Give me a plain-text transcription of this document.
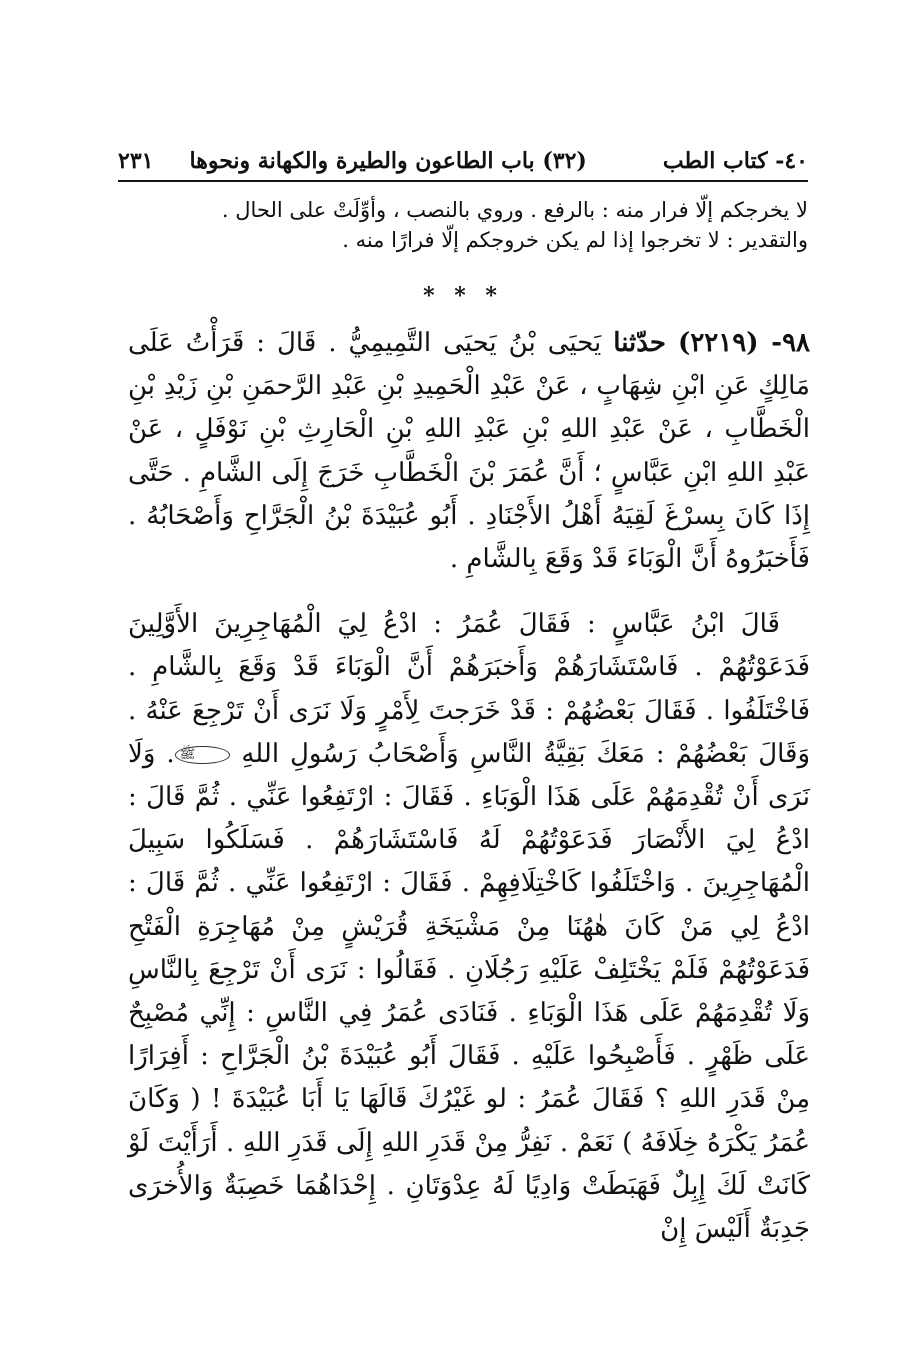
٤٠- كتاب الطب
(٣٢) باب الطاعون والطيرة والكهانة ونحوها
٢٣١

لا يخرجكم إلّا فرار منه : بالرفع . وروي بالنصب ، وأوِّلَتْ على الحال .

والتقدير : لا تخرجوا إذا لم يكن خروجكم إلّا فرارًا منه .

* * *

٩٨- (٢٢١٩) حدّثنا يَحيَى بْنُ يَحيَى التَّمِيمِيُّ . قَالَ : قَرَأْتُ عَلَى مَالِكٍ عَنِ ابْنِ شِهَابٍ ، عَنْ عَبْدِ الْحَمِيدِ بْنِ عَبْدِ الرَّحمَنِ بْنِ زَيْدِ بْنِ الْخَطَّابِ ، عَنْ عَبْدِ اللهِ بْنِ عَبْدِ اللهِ بْنِ الْحَارِثِ بْنِ نَوْفَلٍ ، عَنْ عَبْدِ اللهِ ابْنِ عَبَّاسٍ ؛ أَنَّ عُمَرَ بْنَ الْخَطَّابِ خَرَجَ إِلَى الشَّامِ . حَتَّى إِذَا كَانَ بِسرْغَ لَقِيَهُ أَهْلُ الأَجْنَادِ . أَبُو عُبَيْدَةَ بْنُ الْجَرَّاحِ وَأَصْحَابُهُ . فَأَخبَرُوهُ أَنَّ الْوَبَاءَ قَدْ وَقَعَ بِالشَّامِ .

قَالَ ابْنُ عَبَّاسٍ : فَقَالَ عُمَرُ : ادْعُ لِيَ الْمُهَاجِرِينَ الأَوَّلِينَ فَدَعَوْتُهُمْ . فَاسْتَشَارَهُمْ وَأَخبَرَهُمْ أَنَّ الْوَبَاءَ قَدْ وَقَعَ بِالشَّامِ . فَاخْتَلَفُوا . فَقَالَ بَعْضُهُمْ : قَدْ خَرَجتَ لِأَمْرٍ وَلَا نَرَى أَنْ تَرْجِعَ عَنْهُ . وَقَالَ بَعْضُهُمْ : مَعَكَ بَقِيَّةُ النَّاسِ وَأَصْحَابُ رَسُولِ اللهِ ﷺ. وَلَا نَرَى أَنْ تُقْدِمَهُمْ عَلَى هَذَا الْوَبَاءِ . فَقَالَ : ارْتَفِعُوا عَنِّي . ثُمَّ قَالَ : ادْعُ لِيَ الأَنْصَارَ فَدَعَوْتُهُمْ لَهُ فَاسْتَشَارَهُمْ . فَسَلَكُوا سَبِيلَ الْمُهَاجِرِينَ . وَاخْتَلَفُوا كَاخْتِلَافِهِمْ . فَقَالَ : ارْتَفِعُوا عَنِّي . ثُمَّ قَالَ : ادْعُ لِي مَنْ كَانَ هٰهُنَا مِنْ مَشْيَخَةِ قُرَيْشٍ مِنْ مُهَاجِرَةِ الْفَتْحِ فَدَعَوْتُهُمْ فَلَمْ يَخْتَلِفْ عَلَيْهِ رَجُلَانِ . فَقَالُوا : نَرَى أَنْ تَرْجِعَ بِالنَّاسِ وَلَا تُقْدِمَهُمْ عَلَى هَذَا الْوَبَاءِ . فَنَادَى عُمَرُ فِي النَّاسِ : إِنِّي مُصْبِحٌ عَلَى ظَهْرٍ . فَأَصْبِحُوا عَلَيْهِ . فَقَالَ أَبُو عُبَيْدَةَ بْنُ الْجَرَّاحِ : أَفِرَارًا مِنْ قَدَرِ اللهِ ؟ فَقَالَ عُمَرُ : لو غَيْرُكَ قَالَهَا يَا أَبَا عُبَيْدَةَ ! ( وَكَانَ عُمَرُ يَكْرَهُ خِلَافَهُ ) نَعَمْ . نَفِرُّ مِنْ قَدَرِ اللهِ إِلَى قَدَرِ اللهِ . أَرَأَيْتَ لَوْ كَانَتْ لَكَ إِبِلٌ فَهَبَطَتْ وَادِيًا لَهُ عِدْوَتَانِ . إِحْدَاهُمَا خَصِبَةٌ وَالأُخرَى جَدِبَةٌ أَلَيْسَ إِنْ
